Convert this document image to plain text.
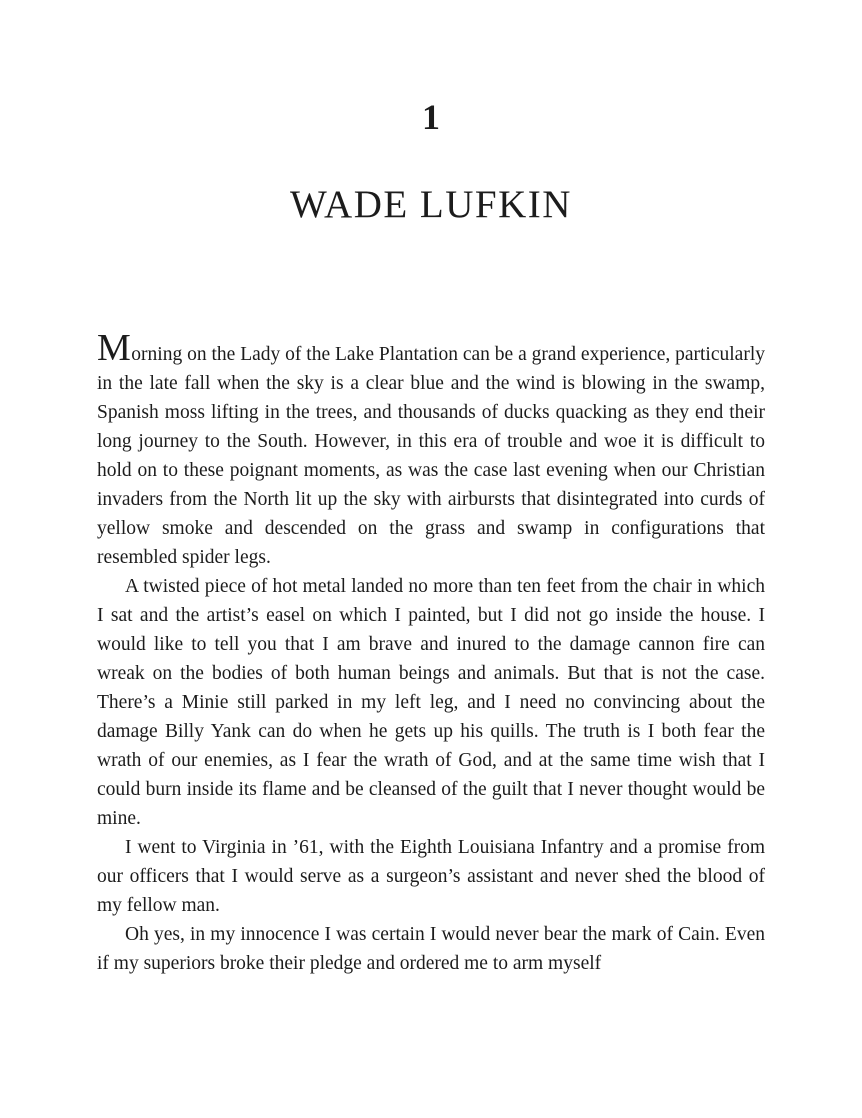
1
WADE LUFKIN

Morning on the Lady of the Lake Plantation can be a grand experience, particularly in the late fall when the sky is a clear blue and the wind is blowing in the swamp, Spanish moss lifting in the trees, and thousands of ducks quacking as they end their long journey to the South. However, in this era of trouble and woe it is difficult to hold on to these poignant moments, as was the case last evening when our Christian invaders from the North lit up the sky with airbursts that disintegrated into curds of yellow smoke and descended on the grass and swamp in configurations that resembled spider legs.

A twisted piece of hot metal landed no more than ten feet from the chair in which I sat and the artist’s easel on which I painted, but I did not go inside the house. I would like to tell you that I am brave and inured to the damage cannon fire can wreak on the bodies of both human beings and animals. But that is not the case. There’s a Minie still parked in my left leg, and I need no convincing about the damage Billy Yank can do when he gets up his quills. The truth is I both fear the wrath of our enemies, as I fear the wrath of God, and at the same time wish that I could burn inside its flame and be cleansed of the guilt that I never thought would be mine.

I went to Virginia in ’61, with the Eighth Louisiana Infantry and a promise from our officers that I would serve as a surgeon’s assistant and never shed the blood of my fellow man.

Oh yes, in my innocence I was certain I would never bear the mark of Cain. Even if my superiors broke their pledge and ordered me to arm myself
